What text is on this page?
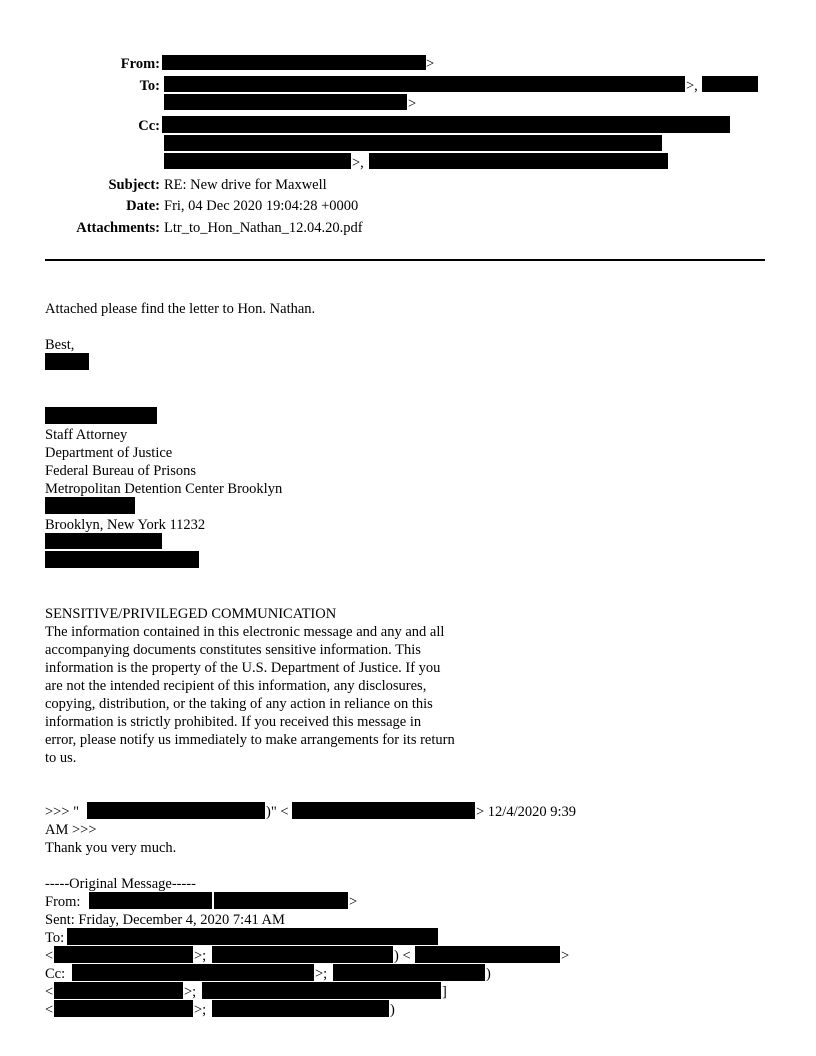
From:	>
To:	>,
>
Cc:
>,
Subject: RE: New drive for Maxwell
Date: Fri, 04 Dec 2020 19:04:28 +0000
Attachments: Ltr_to_Hon_Nathan_12.04.20.pdf
Attached please find the letter to Hon. Nathan.
Best,
Staff Attorney
Department of Justice
Federal Bureau of Prisons
Metropolitan Detention Center Brooklyn
Brooklyn, New York 11232
SENSITIVE/PRIVILEGED COMMUNICATION
The information contained in this electronic message and any and all
accompanying documents constitutes sensitive information. This
information is the property of the U.S. Department of Justice. If you
are not the intended recipient of this information, any disclosures,
copying, distribution, or the taking of any action in reliance on this
information is strictly prohibited. If you received this message in
error, please notify us immediately to make arrangements for its return
to us.
>>> "	)" <	> 12/4/2020 9:39
AM >>>
Thank you very much.
-----Original Message-----
From:	>
Sent: Friday, December 4, 2020 7:41 AM
To:
<	>;	) <	>
Cc:	>;	)
<	>;	]
<	>;	)
